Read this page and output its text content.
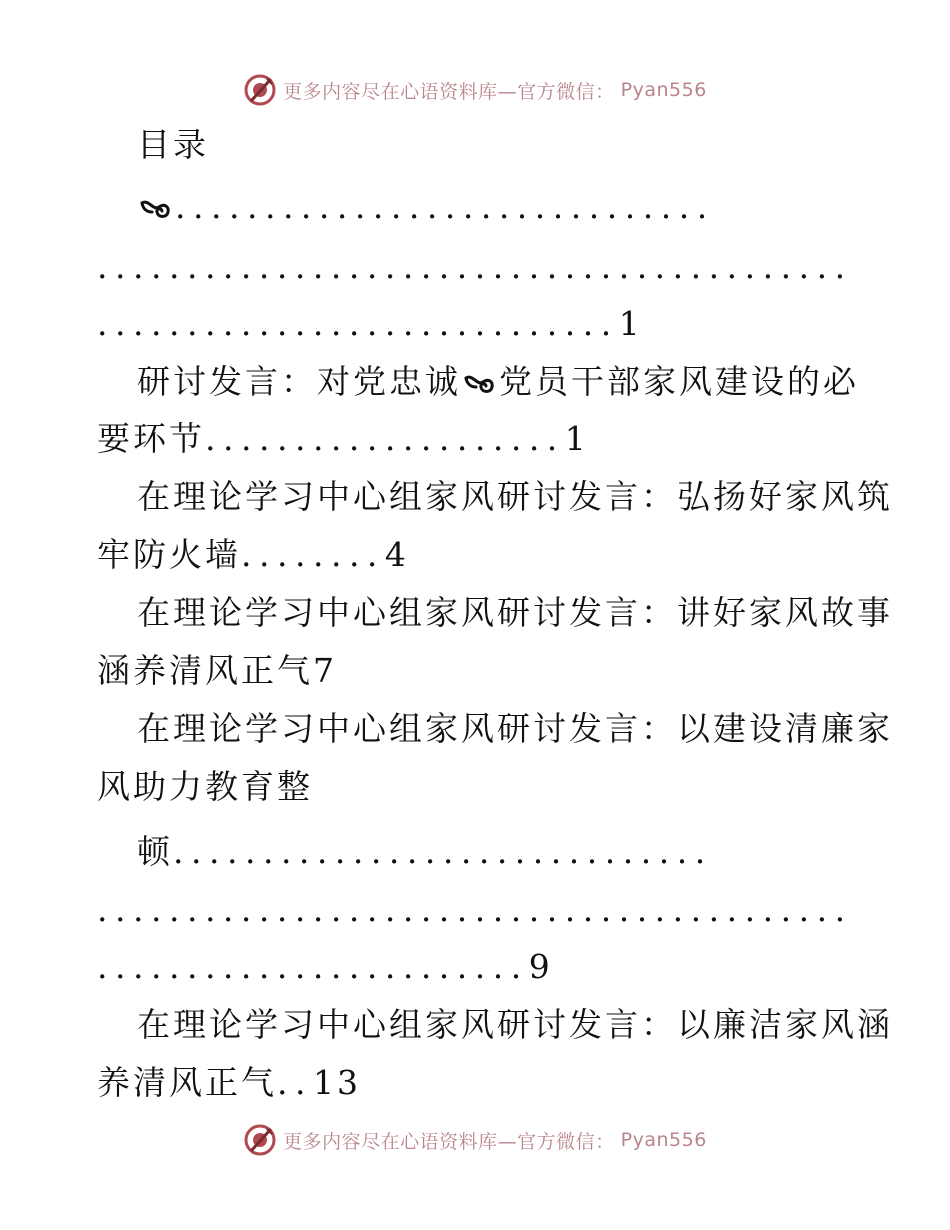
更多内容尽在心语资料库—官方微信： Pyan556
目录
..............................
..........................................
.............................1
研讨发言：对党忠诚 党员干部家风建设的必
要环节....................1
在理论学习中心组家风研讨发言：弘扬好家风筑
牢防火墙........4
在理论学习中心组家风研讨发言：讲好家风故事
涵养清风正气7
在理论学习中心组家风研讨发言：以建设清廉家
风助力教育整
顿..............................
..........................................
........................9
在理论学习中心组家风研讨发言：以廉洁家风涵
养清风正气..13
更多内容尽在心语资料库—官方微信： Pyan556
